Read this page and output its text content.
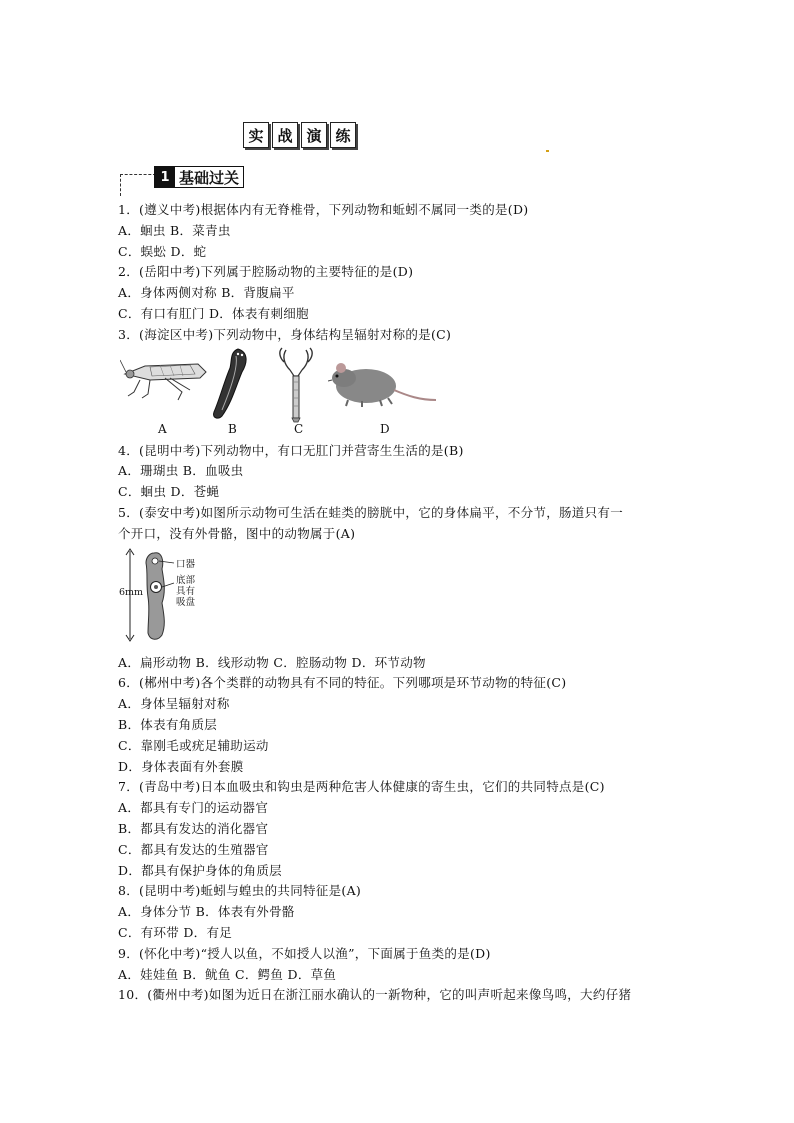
实 战 演 练
1 基础过关
1．(遵义中考)根据体内有无脊椎骨，下列动物和蚯蚓不属同一类的是(D)
A．蛔虫 B．菜青虫
C．蜈蚣 D．蛇
2．(岳阳中考)下列属于腔肠动物的主要特征的是(D)
A．身体两侧对称 B．背腹扁平
C．有口有肛门 D．体表有刺细胞
3．(海淀区中考)下列动物中，身体结构呈辐射对称的是(C)
A	B	C	D
4．(昆明中考)下列动物中，有口无肛门并营寄生生活的是(B)
A．珊瑚虫 B．血吸虫
C．蛔虫 D．苍蝇
5．(泰安中考)如图所示动物可生活在蛙类的膀胱中，它的身体扁平，不分节，肠道只有一
个开口，没有外骨骼，图中的动物属于(A)
6mm
口器
底部
具有
吸盘
A．扁形动物 B．线形动物 C．腔肠动物 D．环节动物
6．(郴州中考)各个类群的动物具有不同的特征。下列哪项是环节动物的特征(C)
A．身体呈辐射对称
B．体表有角质层
C．靠刚毛或疣足辅助运动
D．身体表面有外套膜
7．(青岛中考)日本血吸虫和钩虫是两种危害人体健康的寄生虫，它们的共同特点是(C)
A．都具有专门的运动器官
B．都具有发达的消化器官
C．都具有发达的生殖器官
D．都具有保护身体的角质层
8．(昆明中考)蚯蚓与蝗虫的共同特征是(A)
A．身体分节 B．体表有外骨骼
C．有环带 D．有足
9．(怀化中考)“授人以鱼，不如授人以渔”，下面属于鱼类的是(D)
A．娃娃鱼 B．鱿鱼 C．鳄鱼 D．草鱼
10．(衢州中考)如图为近日在浙江丽水确认的一新物种，它的叫声听起来像鸟鸣，大约仔猪
